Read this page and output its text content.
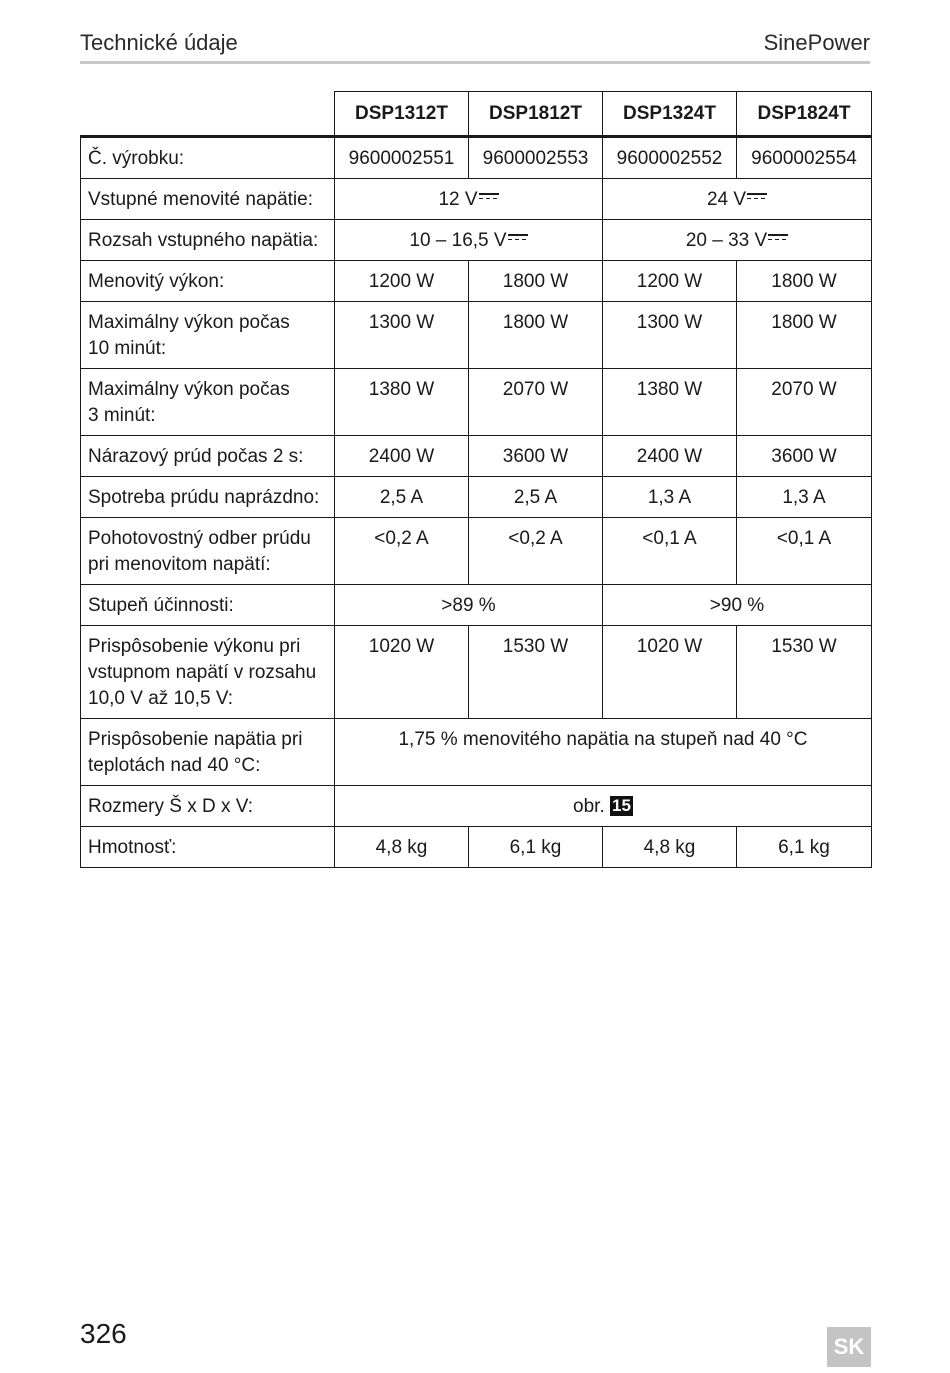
Technické údaje	SinePower
	DSP1312T	DSP1812T	DSP1324T	DSP1824T
Č. výrobku:	9600002551	9600002553	9600002552	9600002554
Vstupné menovité napätie:	12 V		24 V	

Rozsah vstupného napätia:	10 – 16,5 V		20 – 33 V	

Menovitý výkon:	1200 W	1800 W	1200 W	1800 W
Maximálny výkon počas
10 minút:	1300 W	1800 W	1300 W	1800 W
Maximálny výkon počas
3 minút:	1380 W	2070 W	1380 W	2070 W
Nárazový prúd počas 2 s:	2400 W	3600 W	2400 W	3600 W
Spotreba prúdu naprázdno:	2,5 A	2,5 A	1,3 A	1,3 A
Pohotovostný odber prúdu
pri menovitom napätí:	<0,2 A	<0,2 A	<0,1 A	<0,1 A
Stupeň účinnosti:	>89 %		>90 %	
Prispôsobenie výkonu pri
vstupnom napätí v rozsahu
10,0 V až 10,5 V:	1020 W	1530 W	1020 W	1530 W
Prispôsobenie napätia pri
teplotách nad 40 °C:	1,75 % menovitého napätia na stupeň nad 40 °C			
Rozmery Š x D x V:	obr. 15			
Hmotnosť:	4,8 kg	6,1 kg	4,8 kg	6,1 kg
326	SK
